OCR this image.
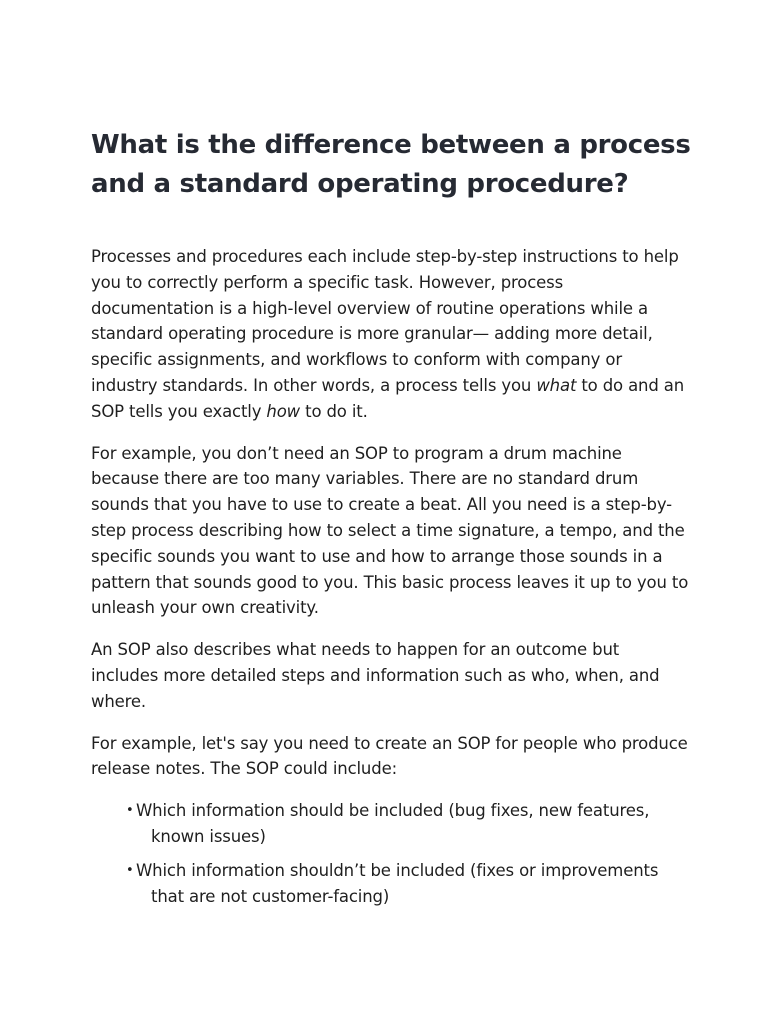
What is the difference between a process and a standard operating procedure?

Processes and procedures each include step-by-step instructions to help you to correctly perform a specific task. However, process documentation is a high-level overview of routine operations while a standard operating procedure is more granular— adding more detail, specific assignments, and workflows to conform with company or industry standards. In other words, a process tells you what to do and an SOP tells you exactly how to do it.

For example, you don’t need an SOP to program a drum machine because there are too many variables. There are no standard drum sounds that you have to use to create a beat. All you need is a step-by-step process describing how to select a time signature, a tempo, and the specific sounds you want to use and how to arrange those sounds in a pattern that sounds good to you. This basic process leaves it up to you to unleash your own creativity.

An SOP also describes what needs to happen for an outcome but includes more detailed steps and information such as who, when, and where.

For example, let's say you need to create an SOP for people who produce release notes. The SOP could include:

• Which information should be included (bug fixes, new features,
known issues)
• Which information shouldn’t be included (fixes or improvements
that are not customer-facing)
